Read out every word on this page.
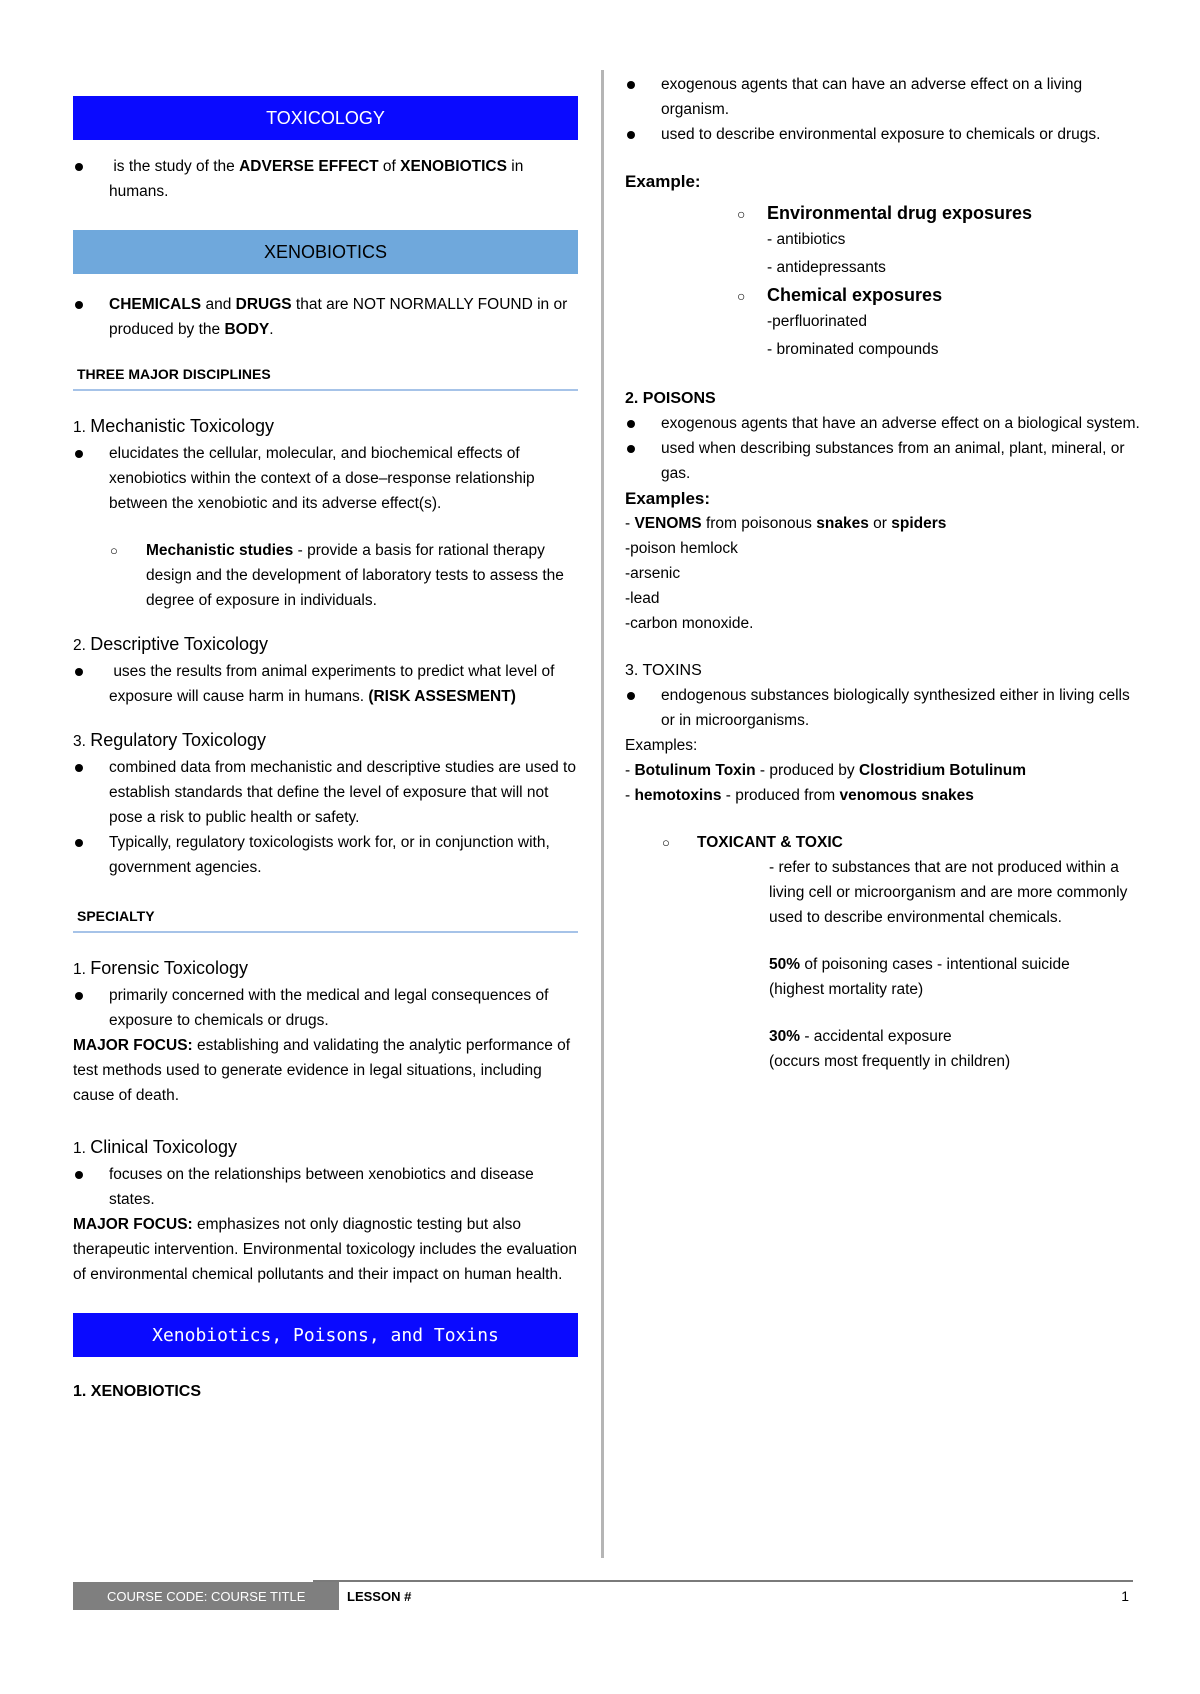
TOXICOLOGY
is the study of the ADVERSE EFFECT of XENOBIOTICS in humans.
XENOBIOTICS
CHEMICALS and DRUGS that are NOT NORMALLY FOUND in or produced by the BODY.
THREE MAJOR DISCIPLINES
1. Mechanistic Toxicology
elucidates the cellular, molecular, and biochemical effects of xenobiotics within the context of a dose–response relationship between the xenobiotic and its adverse effect(s).
○ Mechanistic studies - provide a basis for rational therapy design and the development of laboratory tests to assess the degree of exposure in individuals.
2. Descriptive Toxicology
uses the results from animal experiments to predict what level of exposure will cause harm in humans. (RISK ASSESMENT)
3. Regulatory Toxicology
combined data from mechanistic and descriptive studies are used to establish standards that define the level of exposure that will not pose a risk to public health or safety.
Typically, regulatory toxicologists work for, or in conjunction with, government agencies.
SPECIALTY
1. Forensic Toxicology
primarily concerned with the medical and legal consequences of exposure to chemicals or drugs.
MAJOR FOCUS: establishing and validating the analytic performance of test methods used to generate evidence in legal situations, including cause of death.
1. Clinical Toxicology
focuses on the relationships between xenobiotics and disease states.
MAJOR FOCUS: emphasizes not only diagnostic testing but also therapeutic intervention. Environmental toxicology includes the evaluation of environmental chemical pollutants and their impact on human health.
Xenobiotics, Poisons, and Toxins
1. XENOBIOTICS
exogenous agents that can have an adverse effect on a living organism.
used to describe environmental exposure to chemicals or drugs.
Example:
○ Environmental drug exposures
- antibiotics
- antidepressants
○ Chemical exposures
-perfluorinated
- brominated compounds
2. POISONS
exogenous agents that have an adverse effect on a biological system.
used when describing substances from an animal, plant, mineral, or gas.
Examples:
- VENOMS from poisonous snakes or spiders
-poison hemlock
-arsenic
-lead
-carbon monoxide.
3. TOXINS
endogenous substances biologically synthesized either in living cells or in microorganisms.
Examples:
- Botulinum Toxin - produced by Clostridium Botulinum
- hemotoxins - produced from venomous snakes
○ TOXICANT & TOXIC
- refer to substances that are not produced within a living cell or microorganism and are more commonly used to describe environmental chemicals.
50% of poisoning cases - intentional suicide
(highest mortality rate)
30% - accidental exposure
(occurs most frequently in children)
COURSE CODE: COURSE TITLE	LESSON #	1
